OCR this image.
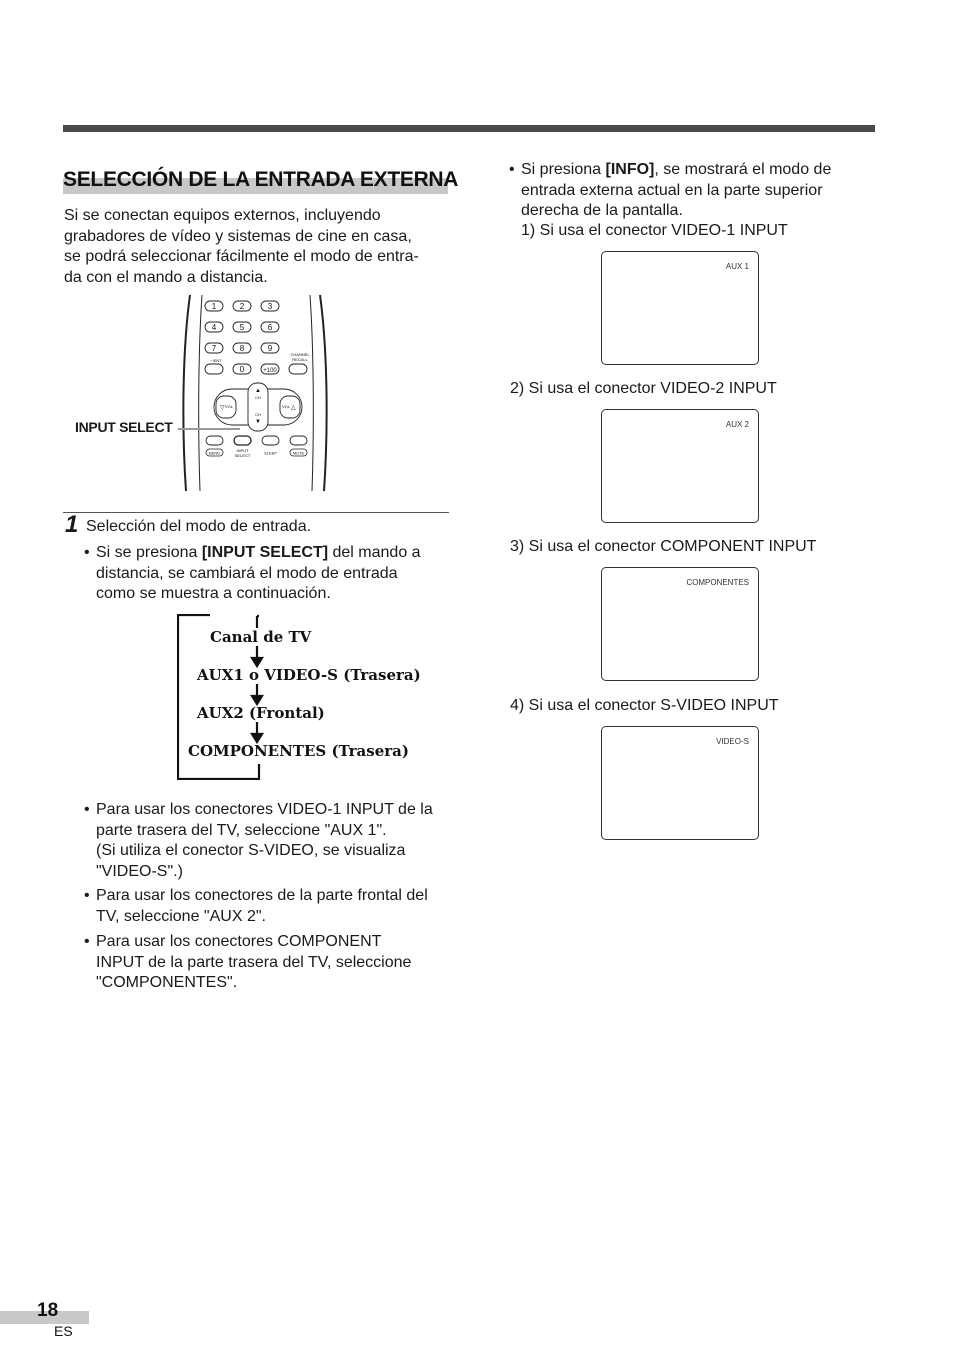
SELECCIÓN DE LA ENTRADA EXTERNA
Si se conectan equipos externos, incluyendo
grabadores de vídeo y sistemas de cine en casa,
se podrá seleccionar fácilmente el modo de entra-
da con el mando a distancia.
1	2	3
4	5	6
7	8	9
0	+100
−/ENT
CHANNEL
RECALL
▲
CH
CH
▼
▽ VOL	VOL △
BEND	INPUT
SELECT	SLEEP	MUTE
INPUT SELECT
1 Selección del modo de entrada.
• Si se presiona [INPUT SELECT] del mando a
distancia, se cambiará el modo de entrada
como se muestra a continuación.
Canal de TV
AUX1 o VIDEO-S (Trasera)
AUX2 (Frontal)
COMPONENTES (Trasera)
• Para usar los conectores VIDEO-1 INPUT de la
parte trasera del TV, seleccione "AUX 1".
(Si utiliza el conector S-VIDEO, se visualiza
"VIDEO-S".)
• Para usar los conectores de la parte frontal del
TV, seleccione "AUX 2".
• Para usar los conectores COMPONENT
INPUT de la parte trasera del TV, seleccione
"COMPONENTES".
• Si presiona [INFO], se mostrará el modo de
entrada externa actual en la parte superior
derecha de la pantalla.
1) Si usa el conector VIDEO-1 INPUT
AUX 1
2) Si usa el conector VIDEO-2 INPUT
AUX 2
3) Si usa el conector COMPONENT INPUT
COMPONENTES
4) Si usa el conector S-VIDEO INPUT
VIDEO-S
18
ES
